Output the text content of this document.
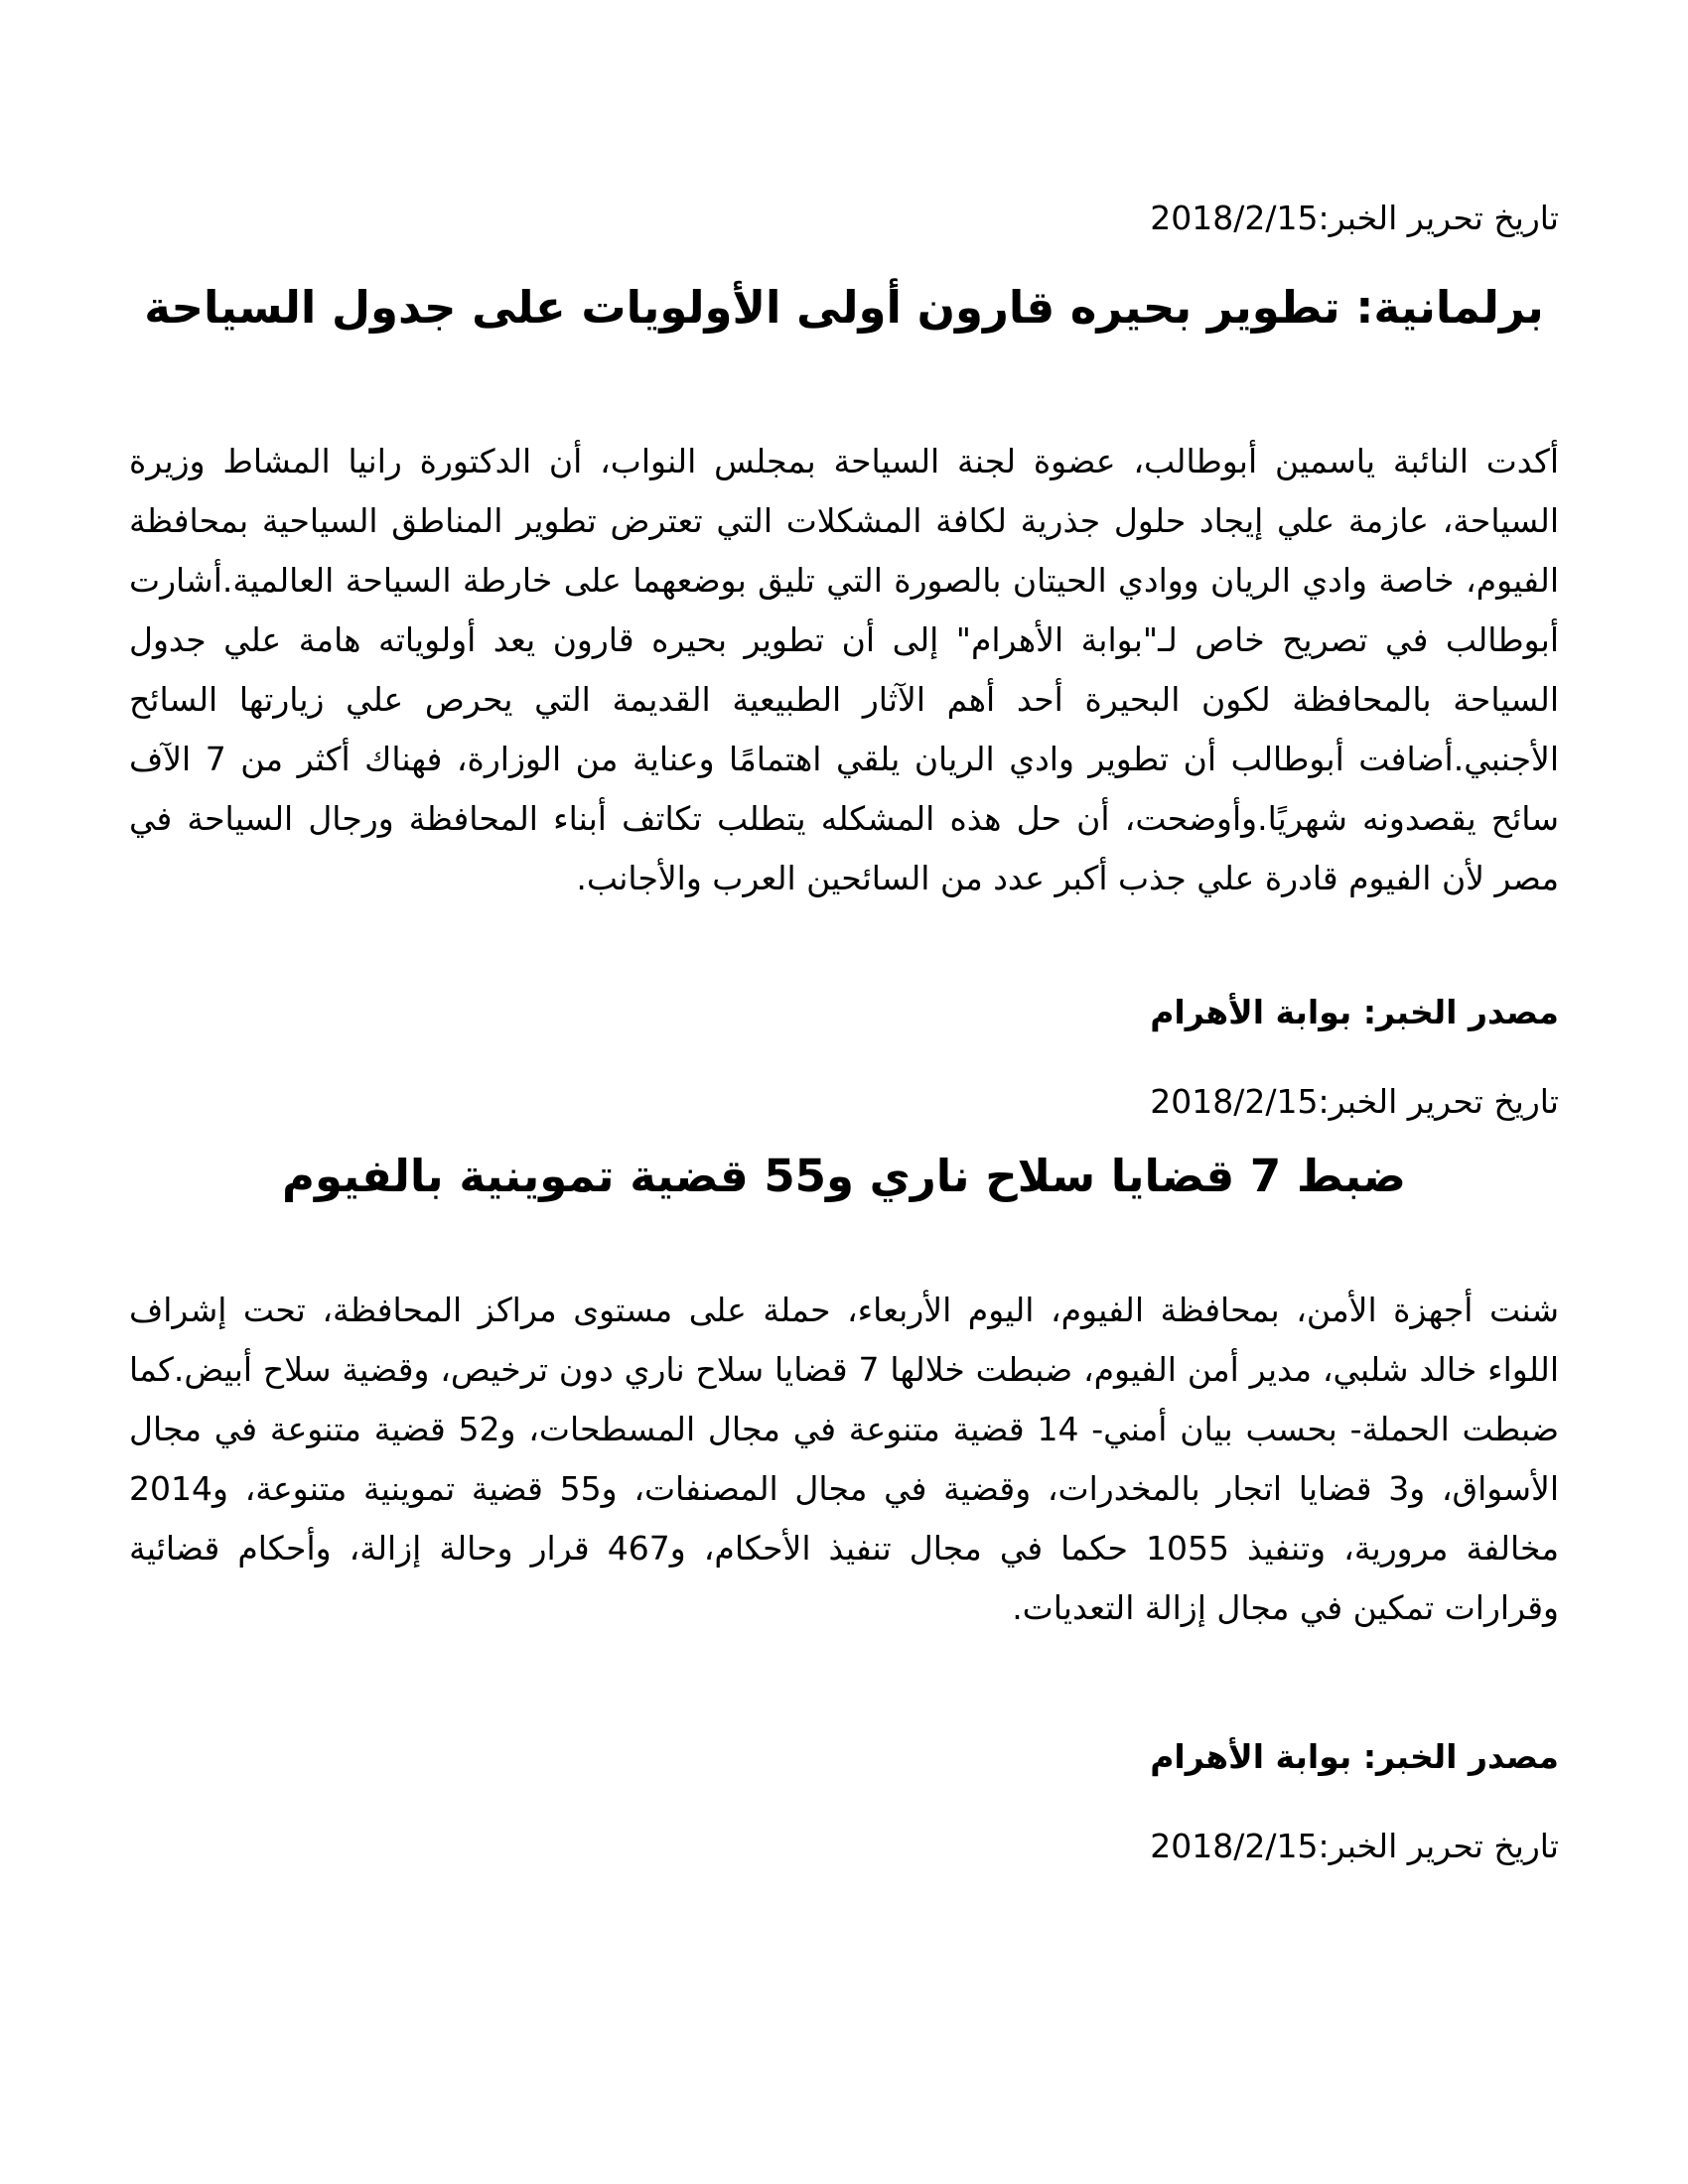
تاريخ تحرير الخبر:2018/2/15

برلمانية: تطوير بحيره قارون أولى الأولويات على جدول السياحة

أكدت النائبة ياسمين أبوطالب، عضوة لجنة السياحة بمجلس النواب، أن الدكتورة رانيا المشاط وزيرة السياحة، عازمة علي إيجاد حلول جذرية لكافة المشكلات التي تعترض تطوير المناطق السياحية بمحافظة الفيوم، خاصة وادي الريان ووادي الحيتان بالصورة التي تليق بوضعهما على خارطة السياحة العالمية.أشارت أبوطالب في تصريح خاص لـ"بوابة الأهرام" إلى أن تطوير بحيره قارون يعد أولوياته هامة علي جدول السياحة بالمحافظة لكون البحيرة أحد أهم الآثار الطبيعية القديمة التي يحرص علي زيارتها السائح الأجنبي.أضافت أبوطالب أن تطوير وادي الريان يلقي اهتمامًا وعناية من الوزارة، فهناك أكثر من 7 الآف سائح يقصدونه شهريًا.وأوضحت، أن حل هذه المشكله يتطلب تكاتف أبناء المحافظة ورجال السياحة في مصر لأن الفيوم قادرة علي جذب أكبر عدد من السائحين العرب والأجانب.

مصدر الخبر: بوابة الأهرام

تاريخ تحرير الخبر:2018/2/15

ضبط 7 قضايا سلاح ناري و55 قضية تموينية بالفيوم

شنت أجهزة الأمن، بمحافظة الفيوم، اليوم الأربعاء، حملة على مستوى مراكز المحافظة، تحت إشراف اللواء خالد شلبي، مدير أمن الفيوم، ضبطت خلالها 7 قضايا سلاح ناري دون ترخيص، وقضية سلاح أبيض.كما ضبطت الحملة- بحسب بيان أمني- 14 قضية متنوعة في مجال المسطحات، و52 قضية متنوعة في مجال الأسواق، و3 قضايا اتجار بالمخدرات، وقضية في مجال المصنفات، و55 قضية تموينية متنوعة، و2014 مخالفة مرورية، وتنفيذ 1055 حكما في مجال تنفيذ الأحكام، و467 قرار وحالة إزالة، وأحكام قضائية وقرارات تمكين في مجال إزالة التعديات.

مصدر الخبر: بوابة الأهرام

تاريخ تحرير الخبر:2018/2/15
